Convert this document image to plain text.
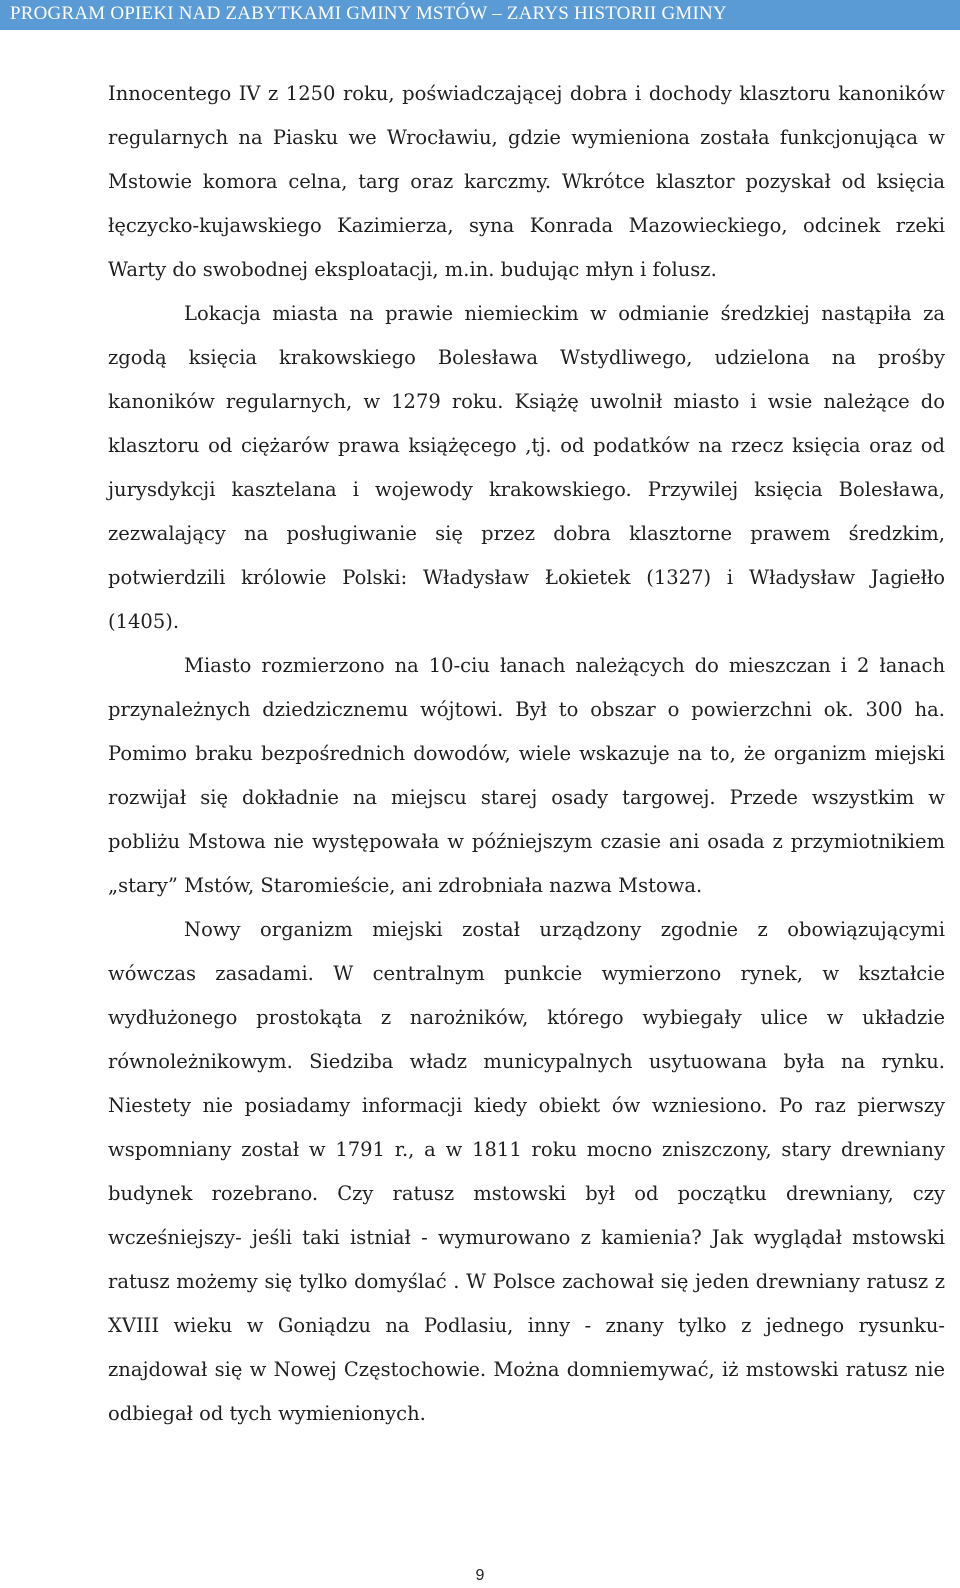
PROGRAM OPIEKI NAD ZABYTKAMI GMINY MSTÓW – ZARYS HISTORII GMINY

Innocentego IV z 1250 roku, poświadczającej dobra i dochody klasztoru kanoników regularnych na Piasku we Wrocławiu, gdzie wymieniona została funkcjonująca w Mstowie komora celna, targ oraz karczmy. Wkrótce klasztor pozyskał od księcia łęczycko-kujawskiego Kazimierza, syna Konrada Mazowieckiego, odcinek rzeki Warty do swobodnej eksploatacji, m.in. budując młyn i folusz.

Lokacja miasta na prawie niemieckim w odmianie średzkiej nastąpiła za zgodą księcia krakowskiego Bolesława Wstydliwego, udzielona na prośby kanoników regularnych, w 1279 roku. Książę uwolnił miasto i wsie należące do klasztoru od ciężarów prawa książęcego ,tj. od podatków na rzecz księcia oraz od jurysdykcji kasztelana i wojewody krakowskiego. Przywilej księcia Bolesława, zezwalający na posługiwanie się przez dobra klasztorne prawem średzkim, potwierdzili królowie Polski: Władysław Łokietek (1327) i Władysław Jagiełło (1405).

Miasto rozmierzono na 10-ciu łanach należących do mieszczan i 2 łanach przynależnych dziedzicznemu wójtowi. Był to obszar o powierzchni ok. 300 ha. Pomimo braku bezpośrednich dowodów, wiele wskazuje na to, że organizm miejski rozwijał się dokładnie na miejscu starej osady targowej. Przede wszystkim w pobliżu Mstowa nie występowała w późniejszym czasie ani osada z przymiotnikiem „stary” Mstów, Staromieście, ani zdrobniała nazwa Mstowa.

Nowy organizm miejski został urządzony zgodnie z obowiązującymi wówczas zasadami. W centralnym punkcie wymierzono rynek, w kształcie wydłużonego prostokąta z narożników, którego wybiegały ulice w układzie równoleżnikowym. Siedziba władz municypalnych usytuowana była na rynku. Niestety nie posiadamy informacji kiedy obiekt ów wzniesiono. Po raz pierwszy wspomniany został w 1791 r., a w 1811 roku mocno zniszczony, stary drewniany budynek rozebrano. Czy ratusz mstowski był od początku drewniany, czy wcześniejszy- jeśli taki istniał - wymurowano z kamienia? Jak wyglądał mstowski ratusz możemy się tylko domyślać . W Polsce zachował się jeden drewniany ratusz z XVIII wieku w Goniądzu na Podlasiu, inny - znany tylko z jednego rysunku- znajdował się w Nowej Częstochowie. Można domniemywać, iż mstowski ratusz nie odbiegał od tych wymienionych.

9
